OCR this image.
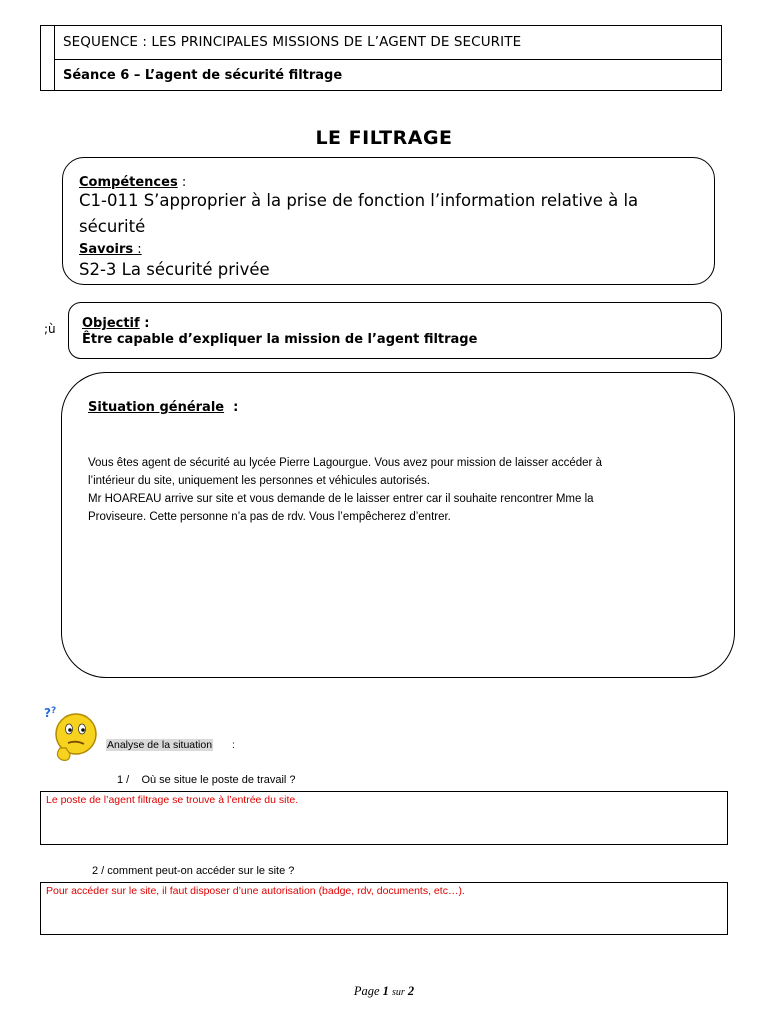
SEQUENCE : LES PRINCIPALES MISSIONS DE L’AGENT DE SECURITE
Séance 6 – L’agent de sécurité filtrage
LE FILTRAGE
Compétences :
C1-011 S’approprier à la prise de fonction l’information relative à la
sécurité
Savoirs :
S2-3 La sécurité privée
;ù Objectif :
Être capable d’expliquer la mission de l’agent filtrage
Situation générale  :

Vous êtes agent de sécurité au lycée Pierre Lagourgue. Vous avez pour mission de laisser accéder à

l’intérieur du site, uniquement les personnes et véhicules autorisés.

Mr HOAREAU arrive sur site et vous demande de le laisser entrer car il souhaite rencontrer Mme la

Proviseure. Cette personne n’a pas de rdv. Vous l’empêcherez d’entrer.

? ?
Analyse de la situation :
1 /    Où se situe le poste de travail ?
Le poste de l’agent filtrage se trouve à l’entrée du site.
2 / comment peut-on accéder sur le site ?
Pour accéder sur le site, il faut disposer d’une autorisation (badge, rdv, documents, etc…).
Page 1 sur 2
